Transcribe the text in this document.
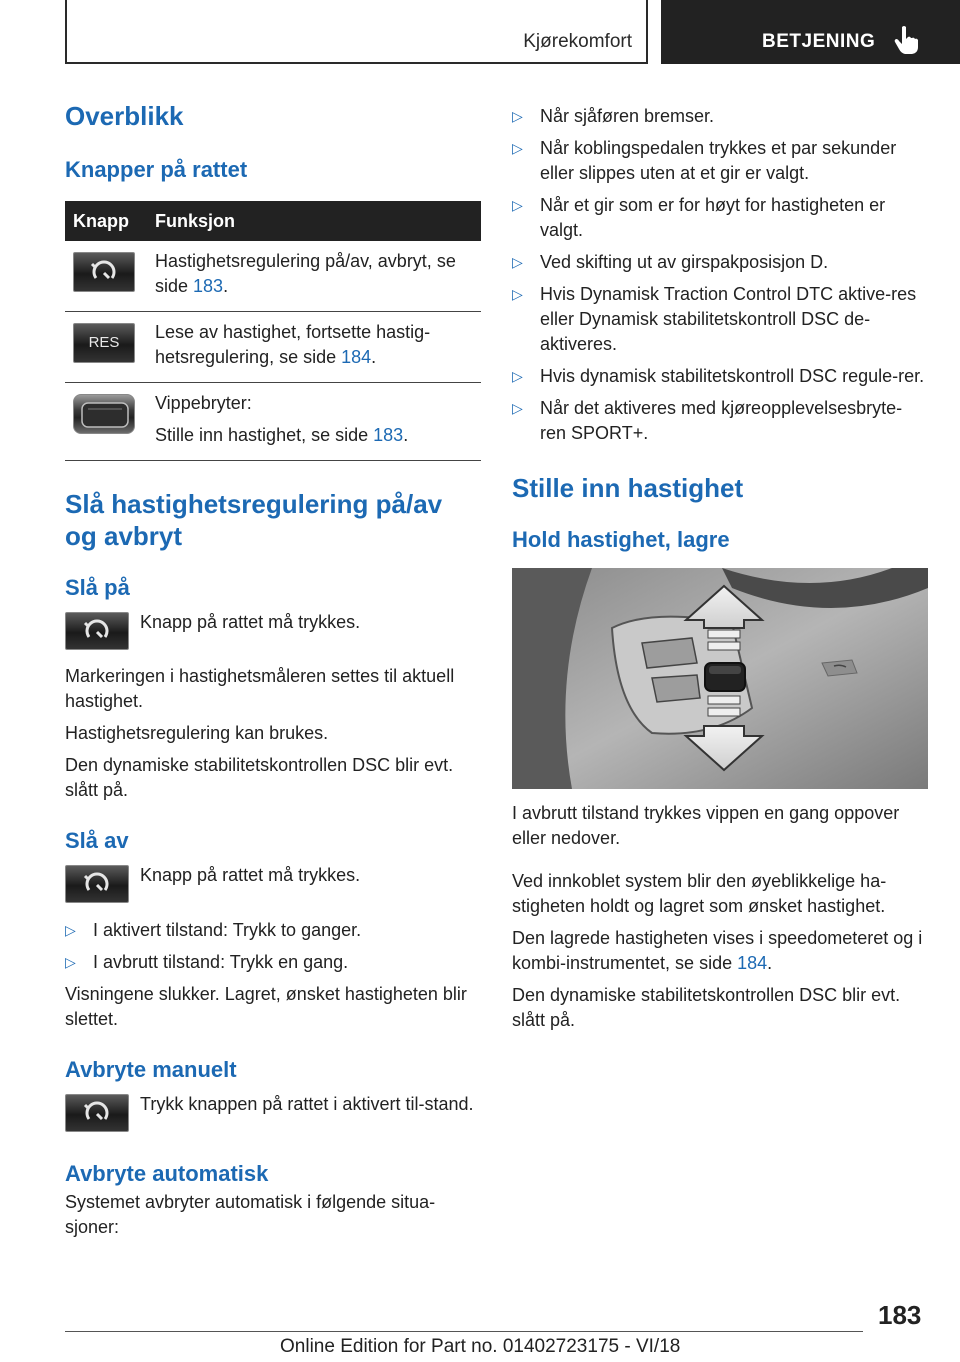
Kjørekomfort	BETJENING
Overblikk
Knapper på rattet
Knapp	Funksjon

	Hastighetsregulering på/av, avbryt, se side 183.

RES	Lese av hastighet, fortsette hastig-hetsregulering, se side 184.

Vippebryter:
Stille inn hastighet, se side 183.
Slå hastighetsregulering på/av og avbryt
Slå på

Knapp på rattet må trykkes.

Markeringen i hastighetsmåleren settes til aktuell hastighet.

Hastighetsregulering kan brukes.

Den dynamiske stabilitetskontrollen DSC blir evt. slått på.

Slå av

Knapp på rattet må trykkes.

▷ I aktivert tilstand: Trykk to ganger.
▷ I avbrutt tilstand: Trykk en gang.

Visningene slukker. Lagret, ønsket hastigheten blir slettet.

Avbryte manuelt

Trykk knappen på rattet i aktivert til-stand.

Avbryte automatisk

Systemet avbryter automatisk i følgende situa-sjoner:

▷ Når sjåføren bremser.
▷ Når koblingspedalen trykkes et par sekunder eller slippes uten at et gir er valgt.
▷ Når et gir som er for høyt for hastigheten er valgt.
▷ Ved skifting ut av girspakposisjon D.
▷ Hvis Dynamisk Traction Control DTC aktive-res eller Dynamisk stabilitetskontroll DSC de-aktiveres.
▷ Hvis dynamisk stabilitetskontroll DSC regule-rer.
▷ Når det aktiveres med kjøreopplevelsesbryte-ren SPORT+.
Stille inn hastighet
Hold hastighet, lagre

I avbrutt tilstand trykkes vippen en gang oppover eller nedover.

Ved innkoblet system blir den øyeblikkelige ha-stigheten holdt og lagret som ønsket hastighet.

Den lagrede hastigheten vises i speedometeret og i kombi-instrumentet, se side 184.

Den dynamiske stabilitetskontrollen DSC blir evt. slått på.

183
Online Edition for Part no. 01402723175 - VI/18
